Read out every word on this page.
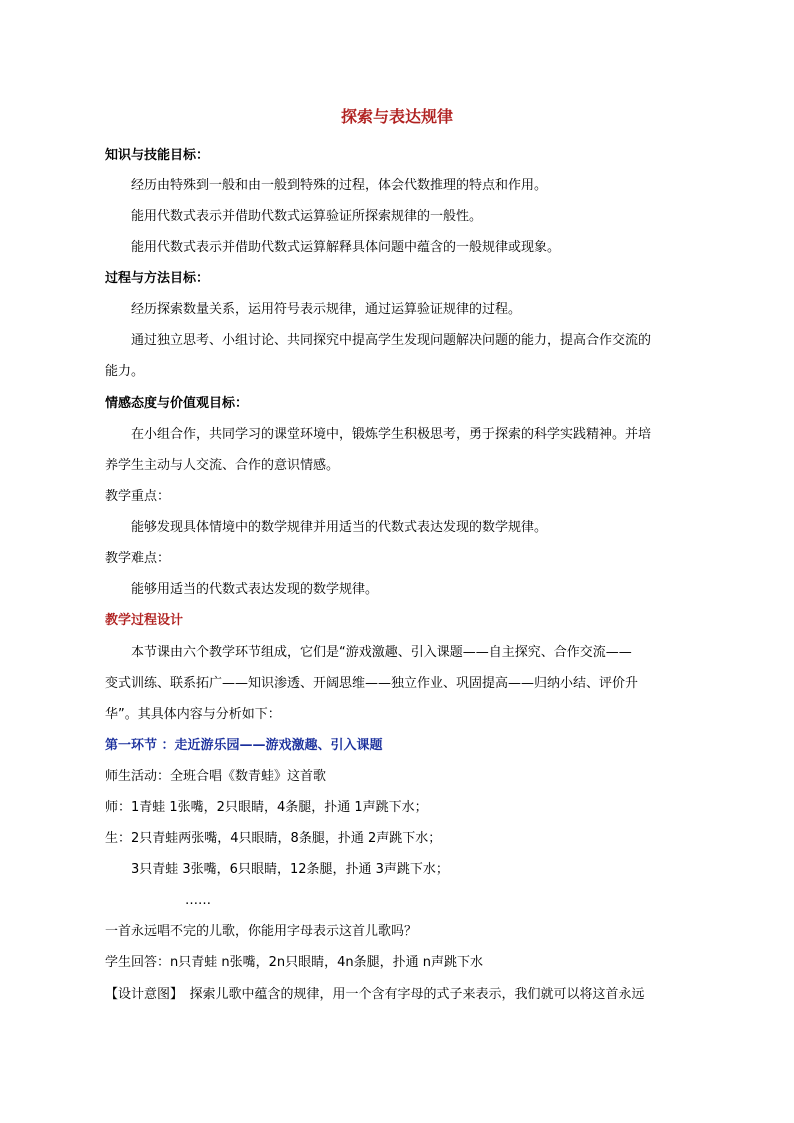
探索与表达规律
知识与技能目标：
经历由特殊到一般和由一般到特殊的过程，体会代数推理的特点和作用。
能用代数式表示并借助代数式运算验证所探索规律的一般性。
能用代数式表示并借助代数式运算解释具体问题中蕴含的一般规律或现象。
过程与方法目标：
经历探索数量关系，运用符号表示规律，通过运算验证规律的过程。
通过独立思考、小组讨论、共同探究中提高学生发现问题解决问题的能力，提高合作交流的
能力。
情感态度与价值观目标：
在小组合作，共同学习的课堂环境中，锻炼学生积极思考，勇于探索的科学实践精神。并培
养学生主动与人交流、合作的意识情感。
教学重点：
能够发现具体情境中的数学规律并用适当的代数式表达发现的数学规律。
教学难点：
能够用适当的代数式表达发现的数学规律。
教学过程设计
本节课由六个教学环节组成，它们是“游戏激趣、引入课题——自主探究、合作交流——
变式训练、联系拓广——知识渗透、开阔思维——独立作业、巩固提高——归纳小结、评价升
华”。其具体内容与分析如下：
第一环节 ：走近游乐园——游戏激趣、引入课题
师生活动：全班合唱《数青蛙》这首歌
师：1青蛙 1张嘴，2只眼睛，4条腿，扑通 1声跳下水；
生：2只青蛙两张嘴，4只眼睛，8条腿，扑通 2声跳下水；
3只青蛙 3张嘴，6只眼睛，12条腿，扑通 3声跳下水；
……
一首永远唱不完的儿歌，你能用字母表示这首儿歌吗？
学生回答：n只青蛙 n张嘴，2n只眼睛，4n条腿，扑通 n声跳下水
【设计意图】　探索儿歌中蕴含的规律，用一个含有字母的式子来表示，我们就可以将这首永远
